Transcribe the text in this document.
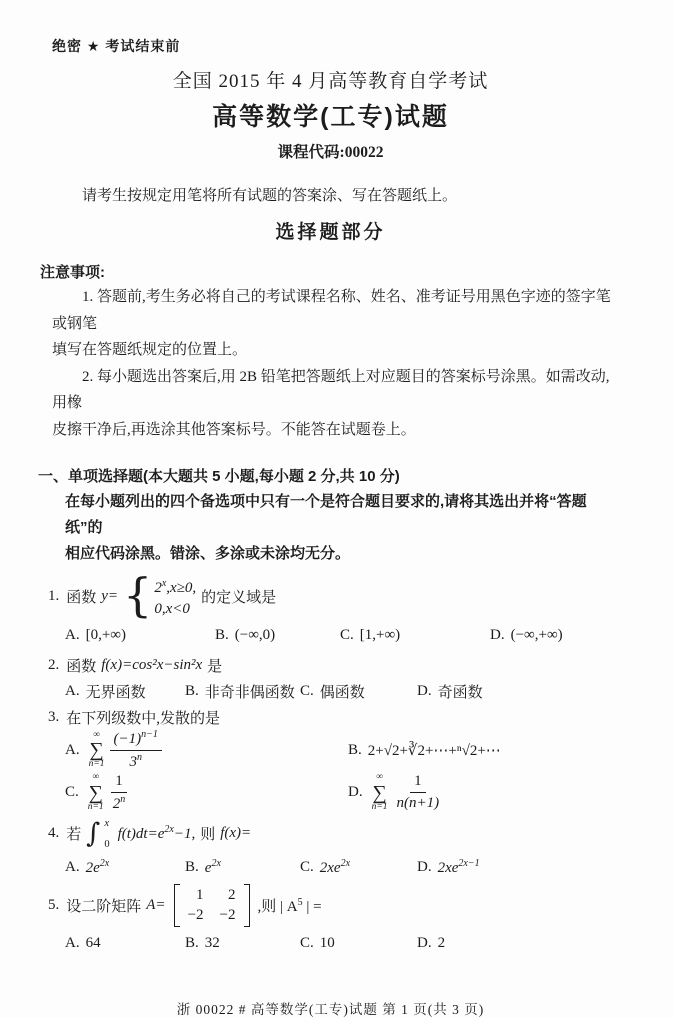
绝密 ★ 考试结束前
全国 2015 年 4 月高等教育自学考试
高等数学(工专)试题
课程代码:00022
请考生按规定用笔将所有试题的答案涂、写在答题纸上。
选择题部分
注意事项:
1. 答题前,考生务必将自己的考试课程名称、姓名、准考证号用黑色字迹的签字笔或钢笔
填写在答题纸规定的位置上。
2. 每小题选出答案后,用 2B 铅笔把答题纸上对应题目的答案标号涂黑。如需改动,用橡
皮擦干净后,再选涂其他答案标号。不能答在试题卷上。
一、单项选择题(本大题共 5 小题,每小题 2 分,共 10 分)
在每小题列出的四个备选项中只有一个是符合题目要求的,请将其选出并将“答题纸”的
相应代码涂黑。错涂、多涂或未涂均无分。
1. 函数 y= { $2^x,x\ge 0$,
0,x<0
的定义域是
A. [0,+∞)	B. (−∞,0)	C. [1,+∞)	D. (−∞,+∞)
2. 函数 f(x)=cos²x−sin²x 是
A. 无界函数	B. 非奇非偶函数 C. 偶函数	D. 奇函数
3. 在下列级数中,发散的是
A.
∞
∑
$n=1 \frac{(-1)^{n-1}}{3^n}$	B. 2+√2+∛2+⋯+ⁿ√2+⋯
C.
∞
∑
$n=1 \frac{1}{2^n}$	D.
∞
∑
$n=1 \frac{1}{n(n+1)}$
4. 若 ∫ x
0
$f(t)dt=e^{2x}-1$, 则 f(x)=
A. $2e^{2x}$	B. $e^{2x}$	C. $2xe^{2x}$	D. $2xe^{2x-1}$
5. 设二阶矩阵 A=
1 2
−2 −2 ,则 | $A^5$ | =
A. 64	B. 32	C. 10	D. 2
浙 00022 # 高等数学(工专)试题 第 1 页(共 3 页)
